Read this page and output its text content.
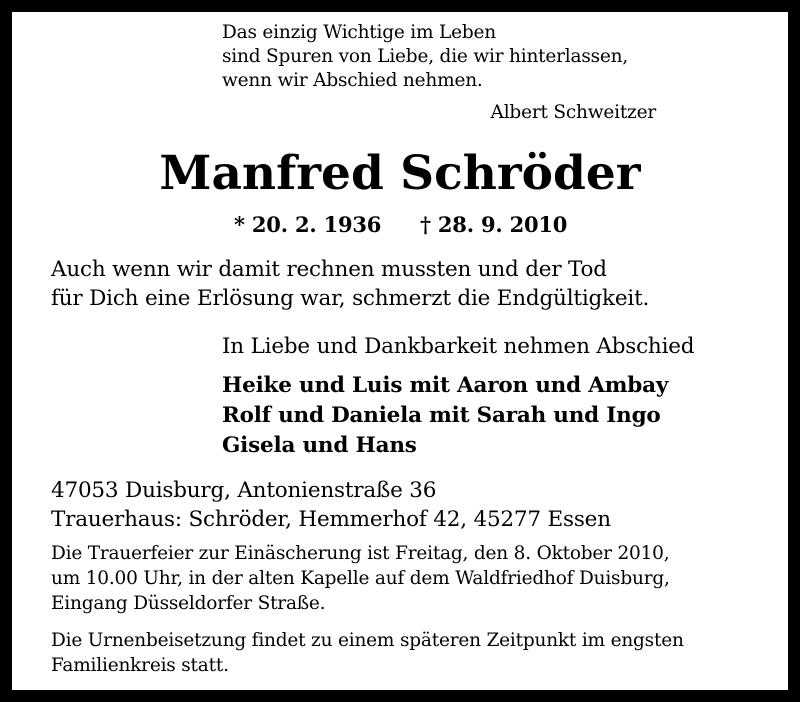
Das einzig Wichtige im Leben

sind Spuren von Liebe, die wir hinterlassen,

wenn wir Abschied nehmen.

Albert Schweitzer

Manfred Schröder

* 20. 2. 1936 † 28. 9. 2010

Auch wenn wir damit rechnen mussten und der Tod

für Dich eine Erlösung war, schmerzt die Endgültigkeit.

In Liebe und Dankbarkeit nehmen Abschied

Heike und Luis mit Aaron und Ambay

Rolf und Daniela mit Sarah und Ingo

Gisela und Hans

47053 Duisburg, Antonienstraße 36

Trauerhaus: Schröder, Hemmerhof 42, 45277 Essen

Die Trauerfeier zur Einäscherung ist Freitag, den 8. Oktober 2010,

um 10.00 Uhr, in der alten Kapelle auf dem Waldfriedhof Duisburg,

Eingang Düsseldorfer Straße.

Die Urnenbeisetzung findet zu einem späteren Zeitpunkt im engsten

Familienkreis statt.
